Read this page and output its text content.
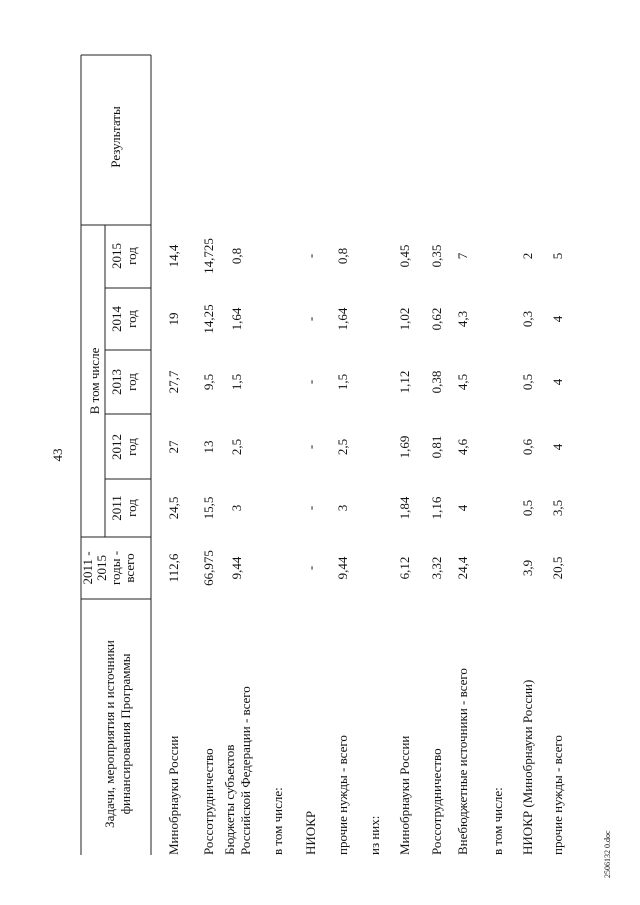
43
2506132 0.doc
Задачи, мероприятия и источники финансирования Программы
2011 - 2015 годы - всего
В том числе
2011 год
2012 год
2013 год
2014 год
2015 год
Результаты
Минобрнауки России
112,6
24,5
27
27,7
19
14,4
Россотрудничество
66,975
15,5
13
9,5
14,25
14,725
Бюджеты субъектов Российской Федерации - всего
9,44
3
2,5
1,5
1,64
0,8
в том числе: НИОКР
-
-
-
-
-
-
прочие нужды - всего
9,44
3
2,5
1,5
1,64
0,8
из них: Минобрнауки России
6,12
1,84
1,69
1,12
1,02
0,45
Россотрудничество
3,32
1,16
0,81
0,38
0,62
0,35
Внебюджетные источники - всего
24,4
4
4,6
4,5
4,3
7
в том числе: НИОКР (Минобрнауки России)
3,9
0,5
0,6
0,5
0,3
2
прочие нужды - всего
20,5
3,5
4
4
4
5
